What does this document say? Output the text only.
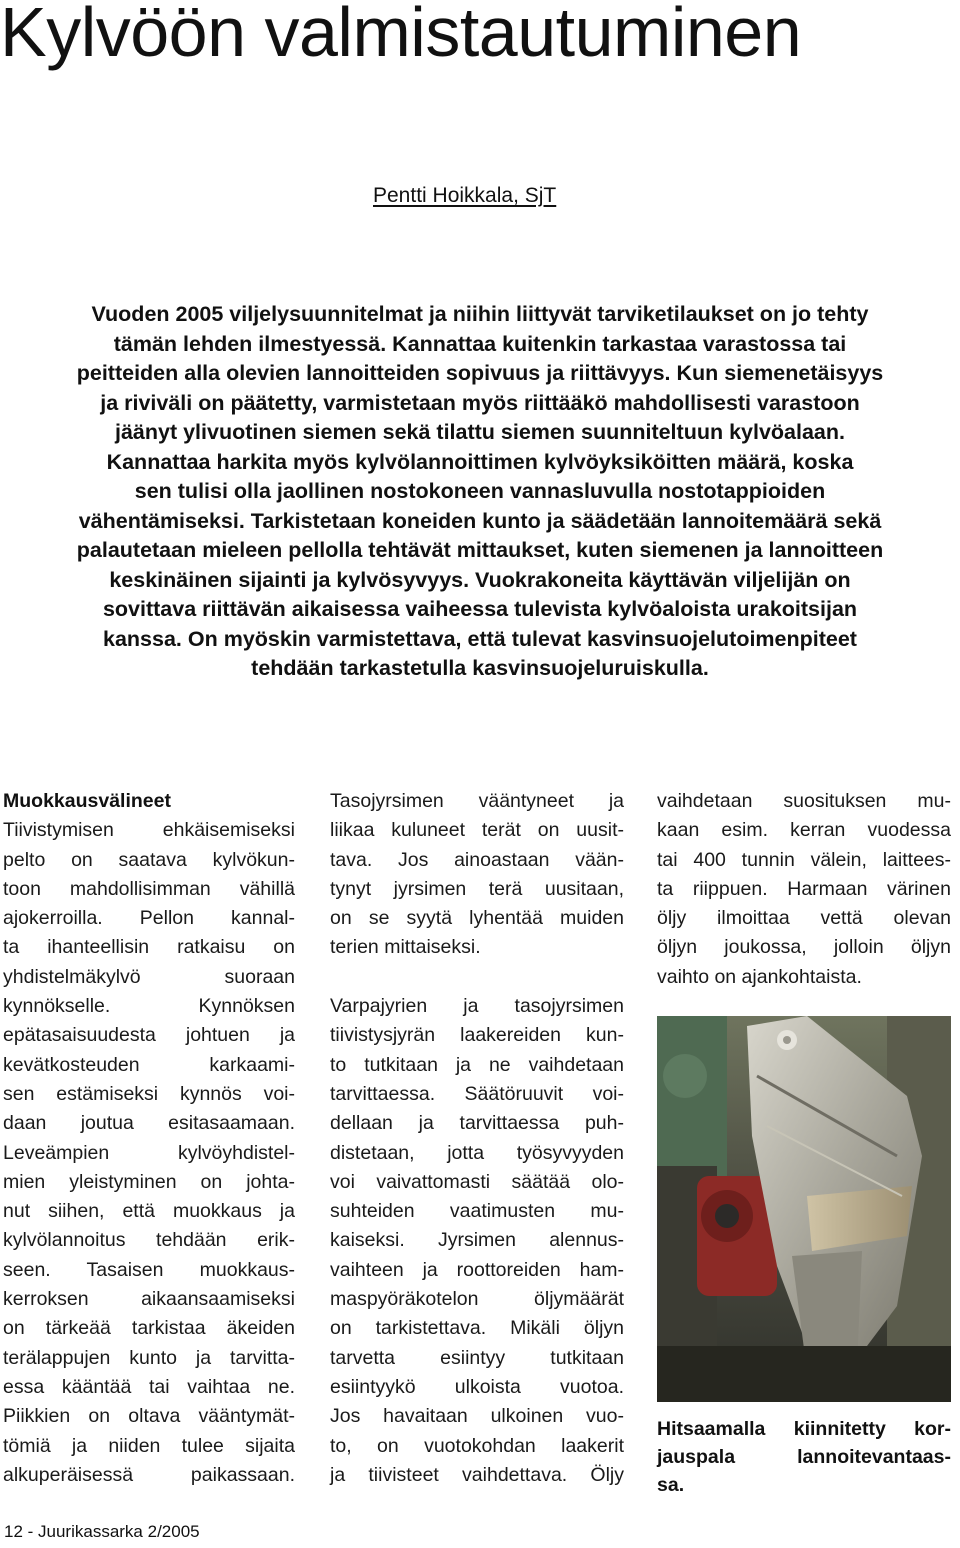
Kylvöön valmistautuminen
Pentti Hoikkala, SjT
Vuoden 2005 viljelysuunnitelmat ja niihin liittyvät tarviketilaukset on jo tehty
tämän lehden ilmestyessä. Kannattaa kuitenkin tarkastaa varastossa tai
peitteiden alla olevien lannoitteiden sopivuus ja riittävyys. Kun siemenetäisyys
ja riviväli on päätetty, varmistetaan myös riittääkö mahdollisesti varastoon
jäänyt ylivuotinen siemen sekä tilattu siemen suunniteltuun kylvöalaan.
Kannattaa harkita myös kylvölannoittimen kylvöyksiköitten määrä, koska
sen tulisi olla jaollinen nostokoneen vannasluvulla nostotappioiden
vähentämiseksi. Tarkistetaan koneiden kunto ja säädetään lannoitemäärä sekä
palautetaan mieleen pellolla tehtävät mittaukset, kuten siemenen ja lannoitteen
keskinäinen sijainti ja kylvösyvyys. Vuokrakoneita käyttävän viljelijän on
sovittava riittävän aikaisessa vaiheessa tulevista kylvöaloista urakoitsijan
kanssa. On myöskin varmistettava, että tulevat kasvinsuojelutoimenpiteet
tehdään tarkastetulla kasvinsuojeluruiskulla.
Muokkausvälineet
Tiivistymisen ehkäisemiseksi
pelto on saatava kylvökun-
toon mahdollisimman vähillä
ajokerroilla. Pellon kannal-
ta ihanteellisin ratkaisu on
yhdistelmäkylvö suoraan
kynnökselle. Kynnöksen
epätasaisuudesta johtuen ja
kevätkosteuden karkaami-
sen estämiseksi kynnös voi-
daan joutua esitasaamaan.
Leveämpien kylvöyhdistel-
mien yleistyminen on johta-
nut siihen, että muokkaus ja
kylvölannoitus tehdään erik-
seen. Tasaisen muokkaus-
kerroksen aikaansaamiseksi
on tärkeää tarkistaa äkeiden
terälappujen kunto ja tarvitta-
essa kääntää tai vaihtaa ne.
Piikkien on oltava vääntymät-
tömiä ja niiden tulee sijaita
alkuperäisessä paikassaan.
Tasojyrsimen vääntyneet ja
liikaa kuluneet terät on uusit-
tava. Jos ainoastaan vään-
tynyt jyrsimen terä uusitaan,
on se syytä lyhentää muiden
terien mittaiseksi.
Varpajyrien ja tasojyrsimen
tiivistysjyrän laakereiden kun-
to tutkitaan ja ne vaihdetaan
tarvittaessa. Säätöruuvit voi-
dellaan ja tarvittaessa puh-
distetaan, jotta työsyvyyden
voi vaivattomasti säätää olo-
suhteiden vaatimusten mu-
kaiseksi. Jyrsimen alennus-
vaihteen ja roottoreiden ham-
maspyöräkotelon öljymäärät
on tarkistettava. Mikäli öljyn
tarvetta esiintyy tutkitaan
esiintyykö ulkoista vuotoa.
Jos havaitaan ulkoinen vuo-
to, on vuotokohdan laakerit
ja tiivisteet vaihdettava. Öljy
vaihdetaan suosituksen mu-
kaan esim. kerran vuodessa
tai 400 tunnin välein, laittees-
ta riippuen. Harmaan värinen
öljy ilmoittaa vettä olevan
öljyn joukossa, jolloin öljyn
vaihto on ajankohtaista.
Hitsaamalla kiinnitetty kor-
jauspala lannoitevantaas-
sa.
12 - Juurikassarka 2/2005
